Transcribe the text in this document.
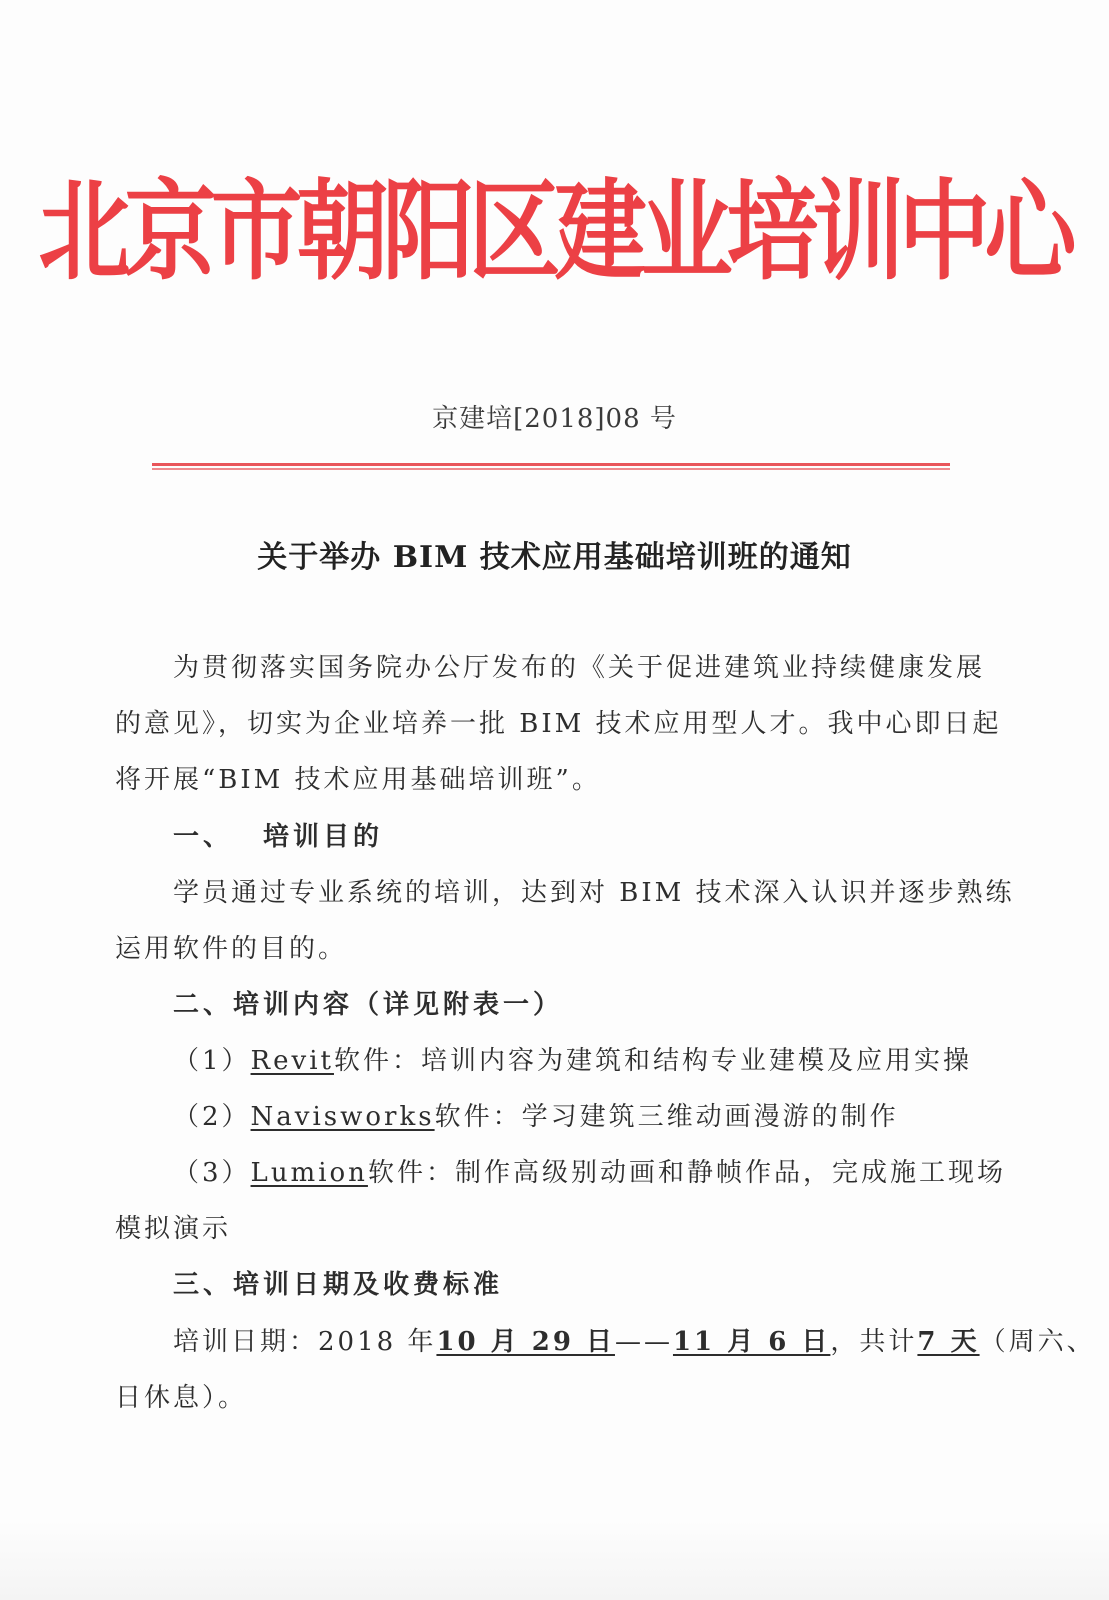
北京市朝阳区建业培训中心
京建培[2018]08 号
关于举办 BIM 技术应用基础培训班的通知
为贯彻落实国务院办公厅发布的《关于促进建筑业持续健康发展
的意见》，切实为企业培养一批 BIM 技术应用型人才。我中心即日起
将开展“BIM 技术应用基础培训班”。
一、 培训目的
学员通过专业系统的培训，达到对 BIM 技术深入认识并逐步熟练
运用软件的目的。
二、培训内容（详见附表一）
（1）Revit软件：培训内容为建筑和结构专业建模及应用实操
（2）Navisworks软件：学习建筑三维动画漫游的制作
（3）Lumion软件：制作高级别动画和静帧作品，完成施工现场
模拟演示
三、培训日期及收费标准
培训日期：2018 年10 月 29 日——11 月 6 日，共计7 天（周六、
日休息）。
